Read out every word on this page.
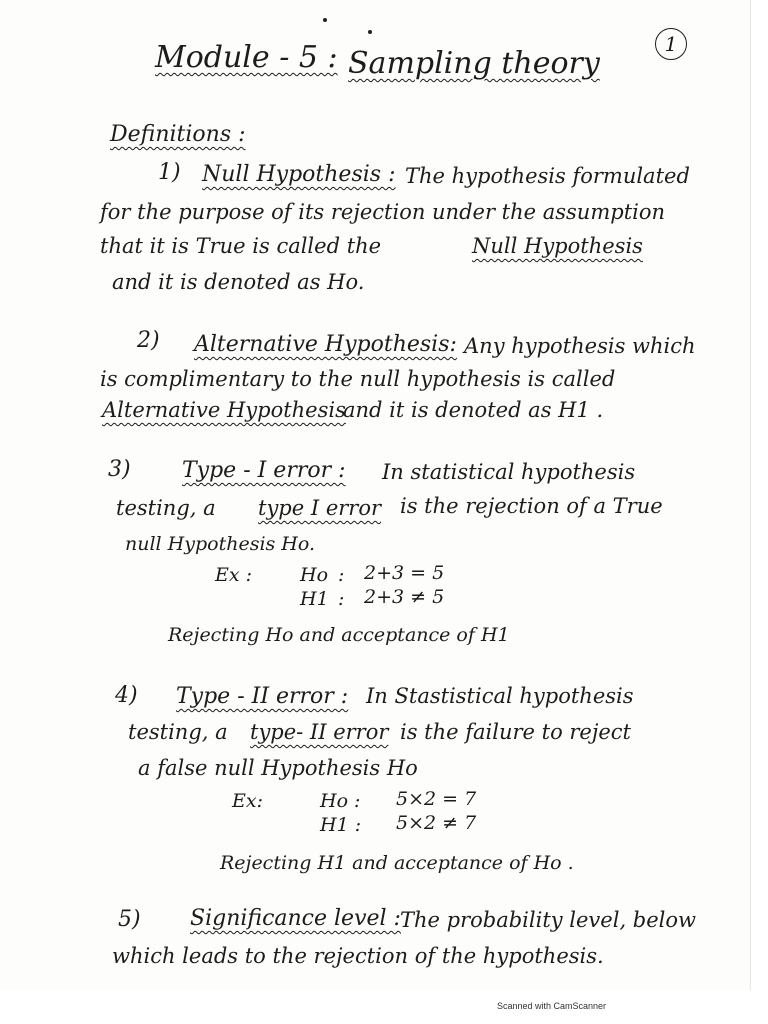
1
Module - 5 : Sampling theory
Definitions :
1) Null Hypothesis : The hypothesis formulated
for the purpose of its rejection under the assumption
that it is True is called the	Null Hypothesis
and it is denoted as Ho.
2) Alternative Hypothesis: Any hypothesis which
is complimentary to the null hypothesis is called
Alternative Hypothesis
and it is denoted as H1 .
3) Type - I error : In statistical hypothesis
testing, a type I error is the rejection of a True
null Hypothesis Ho.
Ex :	Ho : 2+3 = 5
H1 : 2+3 ≠ 5
Rejecting Ho and acceptance of H1
4) Type - II error : In Stastistical hypothesis
testing, a type- II error is the failure to reject
a false null Hypothesis Ho
Ex:	Ho : 5×2 = 7
H1 : 5×2 ≠ 7
Rejecting H1 and acceptance of Ho .
5) Significance level : The probability level, below
which leads to the rejection of the hypothesis.
Scanned with CamScanner
